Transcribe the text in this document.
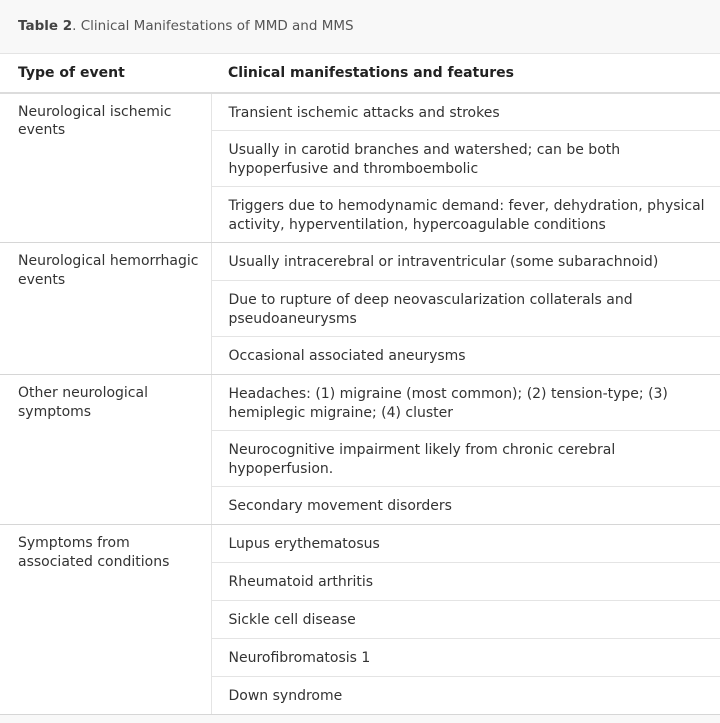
Table 2. Clinical Manifestations of MMD and MMS
Type of event	Clinical manifestations and features
Neurological ischemic events	Transient ischemic attacks and strokes
	Usually in carotid branches and watershed; can be both hypoperfusive and thromboembolic
	Triggers due to hemodynamic demand: fever, dehydration, physical activity, hyperventilation, hypercoagulable conditions
Neurological hemorrhagic events	Usually intracerebral or intraventricular (some subarachnoid)
	Due to rupture of deep neovascularization collaterals and pseudoaneurysms
	Occasional associated aneurysms
Other neurological symptoms	Headaches: (1) migraine (most common); (2) tension-type; (3) hemiplegic migraine; (4) cluster
	Neurocognitive impairment likely from chronic cerebral hypoperfusion.
	Secondary movement disorders
Symptoms from associated conditions	Lupus erythematosus
	Rheumatoid arthritis
	Sickle cell disease
	Neurofibromatosis 1
	Down syndrome
